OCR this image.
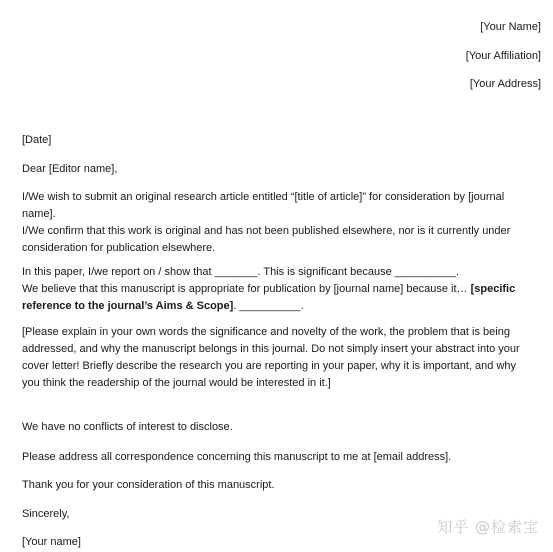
[Your Name]
[Your Affiliation]
[Your Address]
[Date]
Dear [Editor name],
I/We wish to submit an original research article entitled “[title of article]” for consideration by [journal
name].
I/We confirm that this work is original and has not been published elsewhere, nor is it currently under
consideration for publication elsewhere.
In this paper, I/we report on / show that _______. This is significant because __________.
We believe that this manuscript is appropriate for publication by [journal name] because it… [specific
reference to the journal’s Aims & Scope]. __________.
[Please explain in your own words the significance and novelty of the work, the problem that is being
addressed, and why the manuscript belongs in this journal. Do not simply insert your abstract into your
cover letter! Briefly describe the research you are reporting in your paper, why it is important, and why
you think the readership of the journal would be interested in it.]
We have no conflicts of interest to disclose.
Please address all correspondence concerning this manuscript to me at [email address].
Thank you for your consideration of this manuscript.
Sincerely,
[Your name]
知乎 @检索宝
